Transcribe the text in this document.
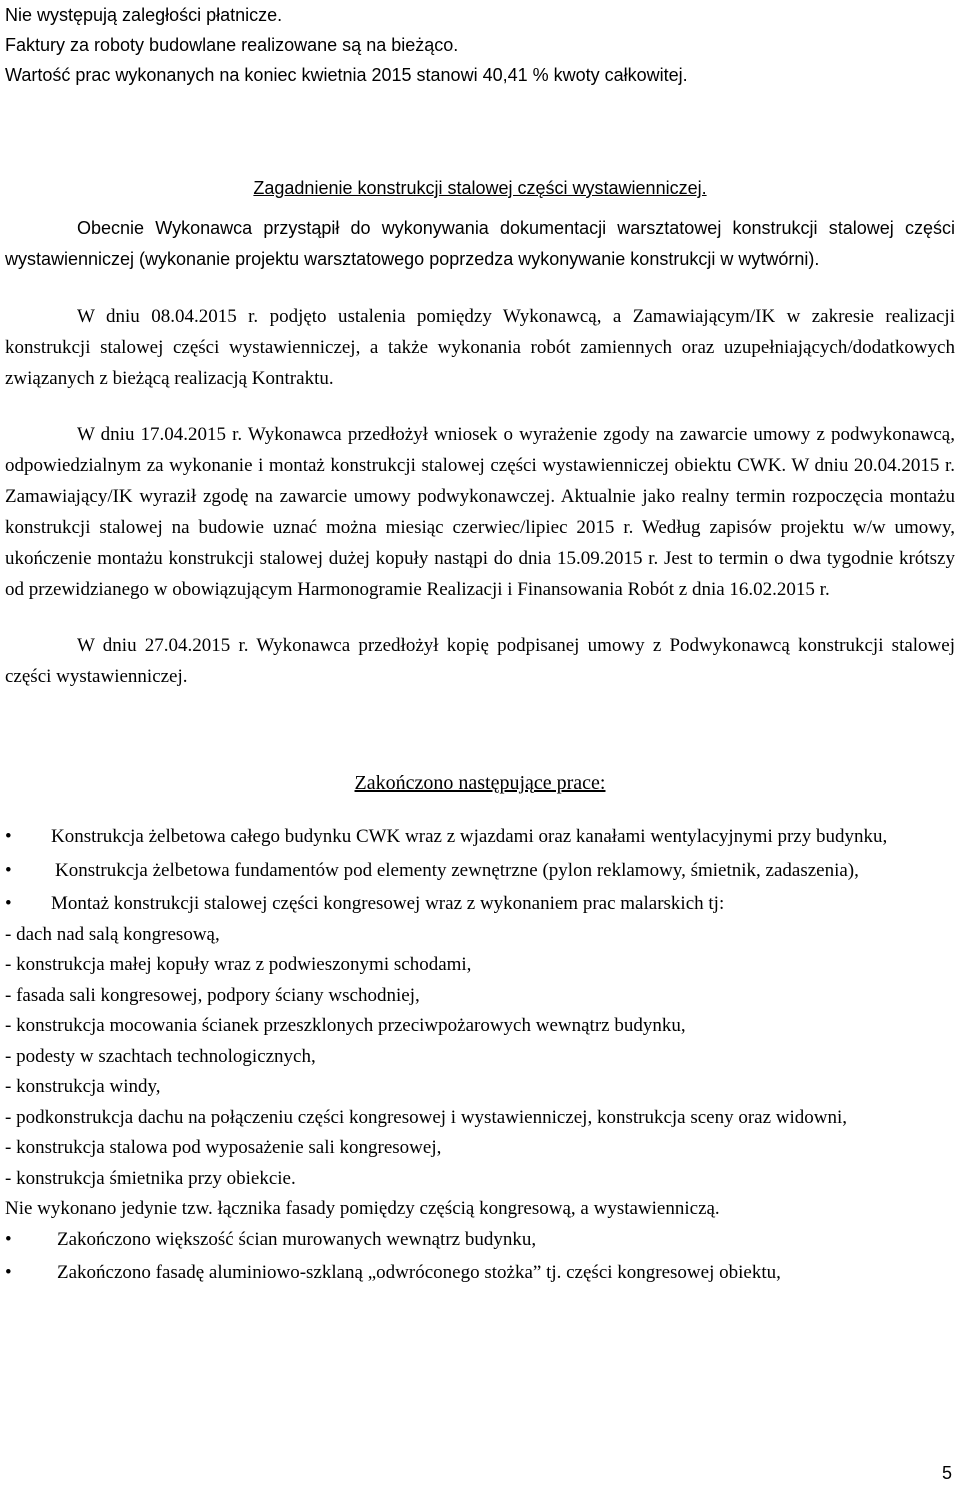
Nie występują zaległości płatnicze.

Faktury za roboty budowlane realizowane są na bieżąco.

Wartość prac wykonanych na koniec kwietnia 2015 stanowi 40,41 % kwoty całkowitej.

Zagadnienie konstrukcji stalowej części wystawienniczej.

Obecnie Wykonawca przystąpił do wykonywania dokumentacji warsztatowej konstrukcji stalowej części wystawienniczej (wykonanie projektu warsztatowego poprzedza wykonywanie konstrukcji w wytwórni).

W dniu 08.04.2015 r. podjęto ustalenia pomiędzy Wykonawcą, a Zamawiającym/IK w zakresie realizacji konstrukcji stalowej części wystawienniczej, a także wykonania robót zamiennych oraz uzupełniających/dodatkowych związanych z bieżącą realizacją Kontraktu.

W dniu 17.04.2015 r. Wykonawca przedłożył wniosek o wyrażenie zgody na zawarcie umowy z podwykonawcą, odpowiedzialnym za wykonanie i montaż konstrukcji stalowej części wystawienniczej obiektu CWK. W dniu 20.04.2015 r. Zamawiający/IK wyraził zgodę na zawarcie umowy podwykonawczej. Aktualnie jako realny termin rozpoczęcia montażu konstrukcji stalowej na budowie uznać można miesiąc czerwiec/lipiec 2015 r. Według zapisów projektu w/w umowy, ukończenie montażu konstrukcji stalowej dużej kopuły nastąpi do dnia 15.09.2015 r. Jest to termin o dwa tygodnie krótszy od przewidzianego w obowiązującym Harmonogramie Realizacji i Finansowania Robót z dnia 16.02.2015 r.

W dniu 27.04.2015 r. Wykonawca przedłożył kopię podpisanej umowy z Podwykonawcą konstrukcji stalowej części wystawienniczej.

Zakończono następujące prace:

•	Konstrukcja żelbetowa całego budynku CWK wraz z wjazdami oraz kanałami wentylacyjnymi przy budynku,
•	Konstrukcja żelbetowa fundamentów pod elementy zewnętrzne (pylon reklamowy, śmietnik, zadaszenia),
•	Montaż konstrukcji stalowej części kongresowej wraz z wykonaniem prac malarskich tj:

- dach nad salą kongresową,

- konstrukcja małej kopuły wraz z podwieszonymi schodami,

- fasada sali kongresowej, podpory ściany wschodniej,

- konstrukcja mocowania ścianek przeszklonych przeciwpożarowych wewnątrz budynku,

- podesty w szachtach technologicznych,

- konstrukcja windy,

- podkonstrukcja dachu na połączeniu części kongresowej i wystawienniczej, konstrukcja sceny oraz widowni,

- konstrukcja stalowa pod wyposażenie sali kongresowej,

- konstrukcja śmietnika przy obiekcie.

Nie wykonano jedynie tzw. łącznika fasady pomiędzy częścią kongresową, a wystawienniczą.

•	Zakończono większość ścian murowanych wewnątrz budynku,
•	Zakończono fasadę aluminiowo-szklaną „odwróconego stożka” tj. części kongresowej obiektu,
5
